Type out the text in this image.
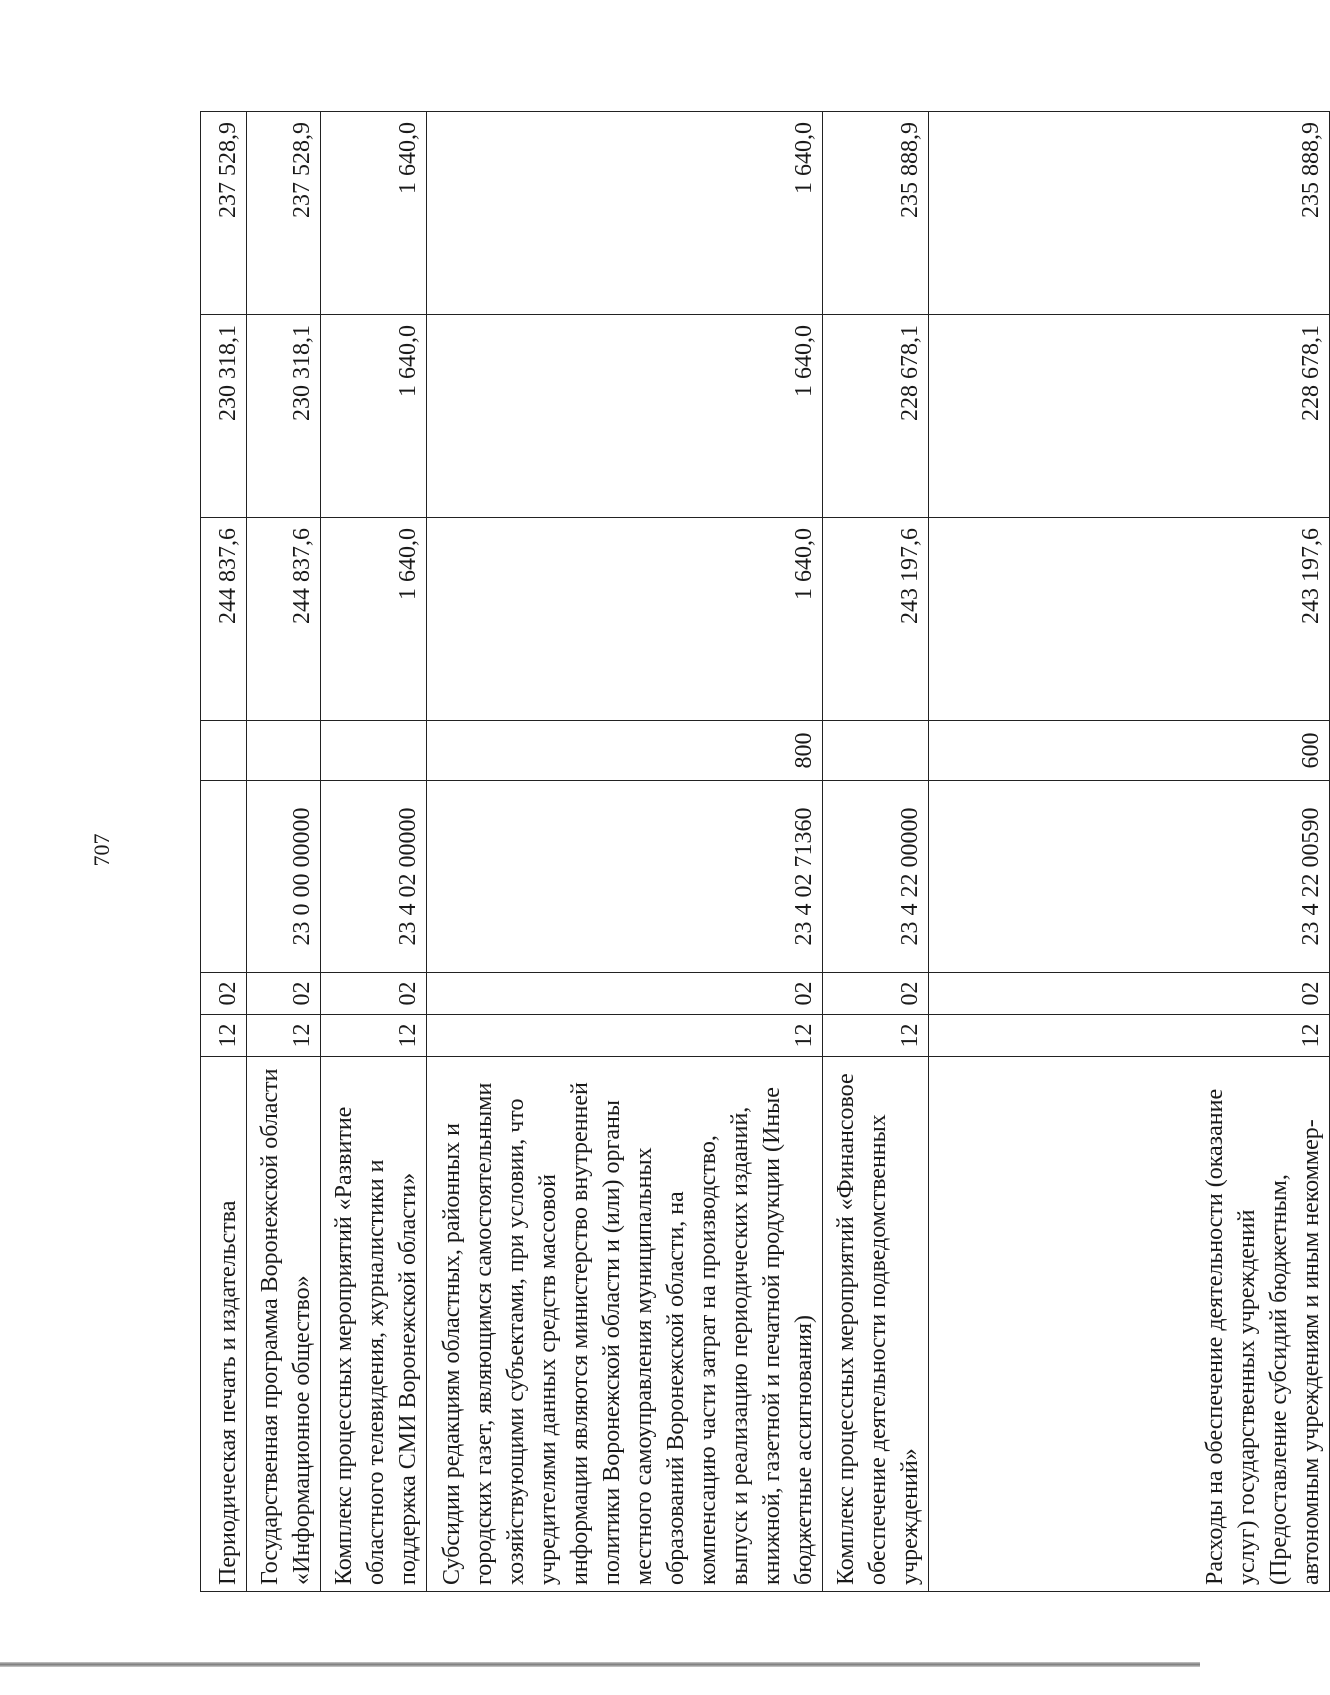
707
Периодическая печать и издательства	12	02			244 837,6	230 318,1	237 528,9
Государственная программа Воронежской области «Информационное общество»	12	02	23 0 00 00000		244 837,6	230 318,1	237 528,9
Комплекс процессных мероприятий «Развитие областного телевидения, журналистики и поддержка СМИ Воронежской области»	12	02	23 4 02 00000		1 640,0	1 640,0	1 640,0
Субсидии редакциям областных, районных и городских газет, являющимся самостоятельными хозяйствующими субъектами, при условии, что учредителями данных средств массовой информации являются министерство внутренней политики Воронежской области и (или) органы местного самоуправления муниципальных образований Воронежской области, на компенсацию части затрат на производство, выпуск и реализацию периодических изданий, книжной, газетной и печатной продукции (Иные бюджетные ассигнования)	12	02	23 4 02 71360	800	1 640,0	1 640,0	1 640,0
Комплекс процессных мероприятий «Финансовое обеспечение деятельности подведомственных учреждений»	12	02	23 4 22 00000		243 197,6	228 678,1	235 888,9
Расходы на обеспечение деятельности (оказание услуг) государственных учреждений (Предоставление субсидий бюджетным, автономным учреждениям и иным некоммер-	12	02	23 4 22 00590	600	243 197,6	228 678,1	235 888,9
